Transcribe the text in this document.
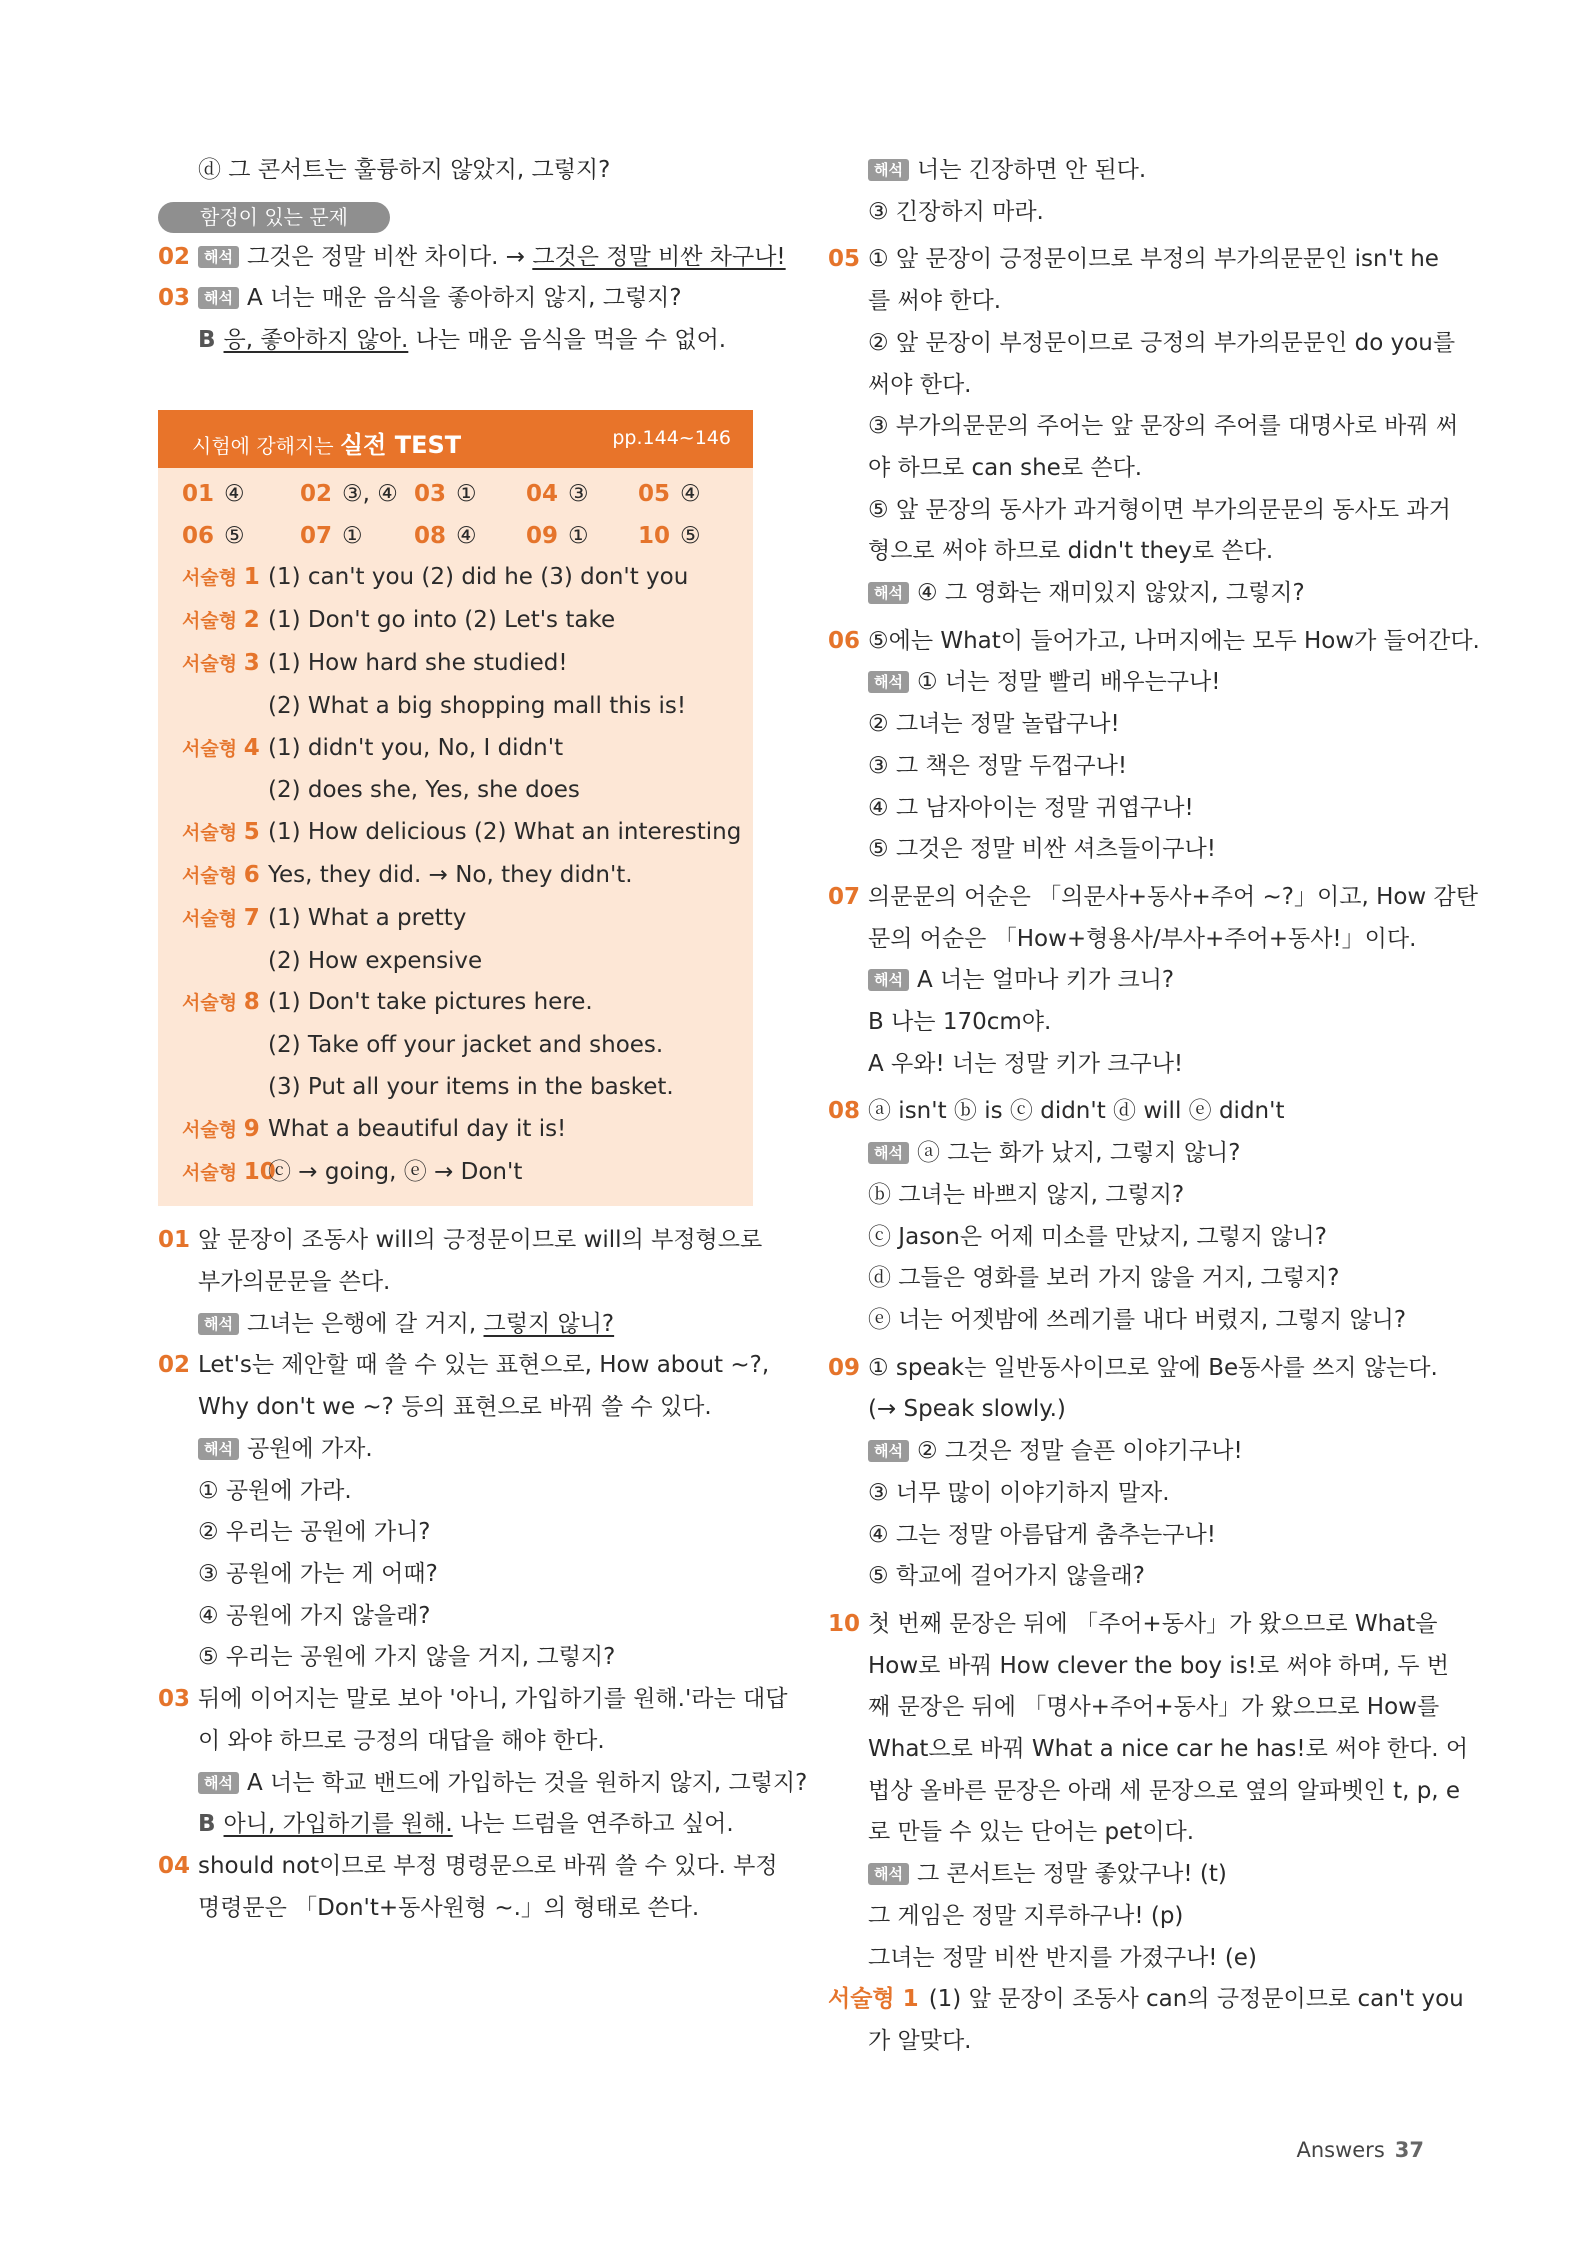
ⓓ 그 콘서트는 훌륭하지 않았지, 그렇지?
함정이 있는 문제
02 해석 그것은 정말 비싼 차이다. → 그것은 정말 비싼 차구나!
03 해석 A 너는 매운 음식을 좋아하지 않지, 그렇지?
B 응, 좋아하지 않아. 나는 매운 음식을 먹을 수 없어.
시험에 강해지는 실전 TEST	pp.144~146
01 ④ 02 ③, ④ 03 ① 04 ③ 05 ④
06 ⑤ 07 ① 08 ④ 09 ① 10 ⑤
서술형 1 (1) can't you (2) did he (3) don't you
서술형 2 (1) Don't go into (2) Let's take
서술형 3 (1) How hard she studied!
(2) What a big shopping mall this is!
서술형 4 (1) didn't you, No, I didn't
(2) does she, Yes, she does
서술형 5 (1) How delicious (2) What an interesting
서술형 6 Yes, they did. → No, they didn't.
서술형 7 (1) What a pretty
(2) How expensive
서술형 8 (1) Don't take pictures here.
(2) Take off your jacket and shoes.
(3) Put all your items in the basket.
서술형 9 What a beautiful day it is!
서술형 10ⓒ → going, ⓔ → Don't
01 앞 문장이 조동사 will의 긍정문이므로 will의 부정형으로
부가의문문을 쓴다.
해석 그녀는 은행에 갈 거지, 그렇지 않니?
02 Let's는 제안할 때 쓸 수 있는 표현으로, How about ~?,
Why don't we ~? 등의 표현으로 바꿔 쓸 수 있다.
해석 공원에 가자.
① 공원에 가라.
② 우리는 공원에 가니?
③ 공원에 가는 게 어때?
④ 공원에 가지 않을래?
⑤ 우리는 공원에 가지 않을 거지, 그렇지?
03 뒤에 이어지는 말로 보아 '아니, 가입하기를 원해.'라는 대답
이 와야 하므로 긍정의 대답을 해야 한다.
해석 A 너는 학교 밴드에 가입하는 것을 원하지 않지, 그렇지?
B 아니, 가입하기를 원해. 나는 드럼을 연주하고 싶어.
04 should not이므로 부정 명령문으로 바꿔 쓸 수 있다. 부정
명령문은 「Don't+동사원형 ~.」의 형태로 쓴다.
해석 너는 긴장하면 안 된다.
③ 긴장하지 마라.
05 ① 앞 문장이 긍정문이므로 부정의 부가의문문인 isn't he
를 써야 한다.
② 앞 문장이 부정문이므로 긍정의 부가의문문인 do you를
써야 한다.
③ 부가의문문의 주어는 앞 문장의 주어를 대명사로 바꿔 써
야 하므로 can she로 쓴다.
⑤ 앞 문장의 동사가 과거형이면 부가의문문의 동사도 과거
형으로 써야 하므로 didn't they로 쓴다.
해석 ④ 그 영화는 재미있지 않았지, 그렇지?
06 ⑤에는 What이 들어가고, 나머지에는 모두 How가 들어간다.
해석 ① 너는 정말 빨리 배우는구나!
② 그녀는 정말 놀랍구나!
③ 그 책은 정말 두껍구나!
④ 그 남자아이는 정말 귀엽구나!
⑤ 그것은 정말 비싼 셔츠들이구나!
07 의문문의 어순은 「의문사+동사+주어 ~?」이고, How 감탄
문의 어순은 「How+형용사/부사+주어+동사!」이다.
해석 A 너는 얼마나 키가 크니?
B 나는 170cm야.
A 우와! 너는 정말 키가 크구나!
08 ⓐ isn't ⓑ is ⓒ didn't ⓓ will ⓔ didn't
해석 ⓐ 그는 화가 났지, 그렇지 않니?
ⓑ 그녀는 바쁘지 않지, 그렇지?
ⓒ Jason은 어제 미소를 만났지, 그렇지 않니?
ⓓ 그들은 영화를 보러 가지 않을 거지, 그렇지?
ⓔ 너는 어젯밤에 쓰레기를 내다 버렸지, 그렇지 않니?
09 ① speak는 일반동사이므로 앞에 Be동사를 쓰지 않는다.
(→ Speak slowly.)
해석 ② 그것은 정말 슬픈 이야기구나!
③ 너무 많이 이야기하지 말자.
④ 그는 정말 아름답게 춤추는구나!
⑤ 학교에 걸어가지 않을래?
10 첫 번째 문장은 뒤에 「주어+동사」가 왔으므로 What을
How로 바꿔 How clever the boy is!로 써야 하며, 두 번
째 문장은 뒤에 「명사+주어+동사」가 왔으므로 How를
What으로 바꿔 What a nice car he has!로 써야 한다. 어
법상 올바른 문장은 아래 세 문장으로 옆의 알파벳인 t, p, e
로 만들 수 있는 단어는 pet이다.
해석 그 콘서트는 정말 좋았구나! (t)
그 게임은 정말 지루하구나! (p)
그녀는 정말 비싼 반지를 가졌구나! (e)
서술형 1 (1) 앞 문장이 조동사 can의 긍정문이므로 can't you
가 알맞다.
Answers 37
